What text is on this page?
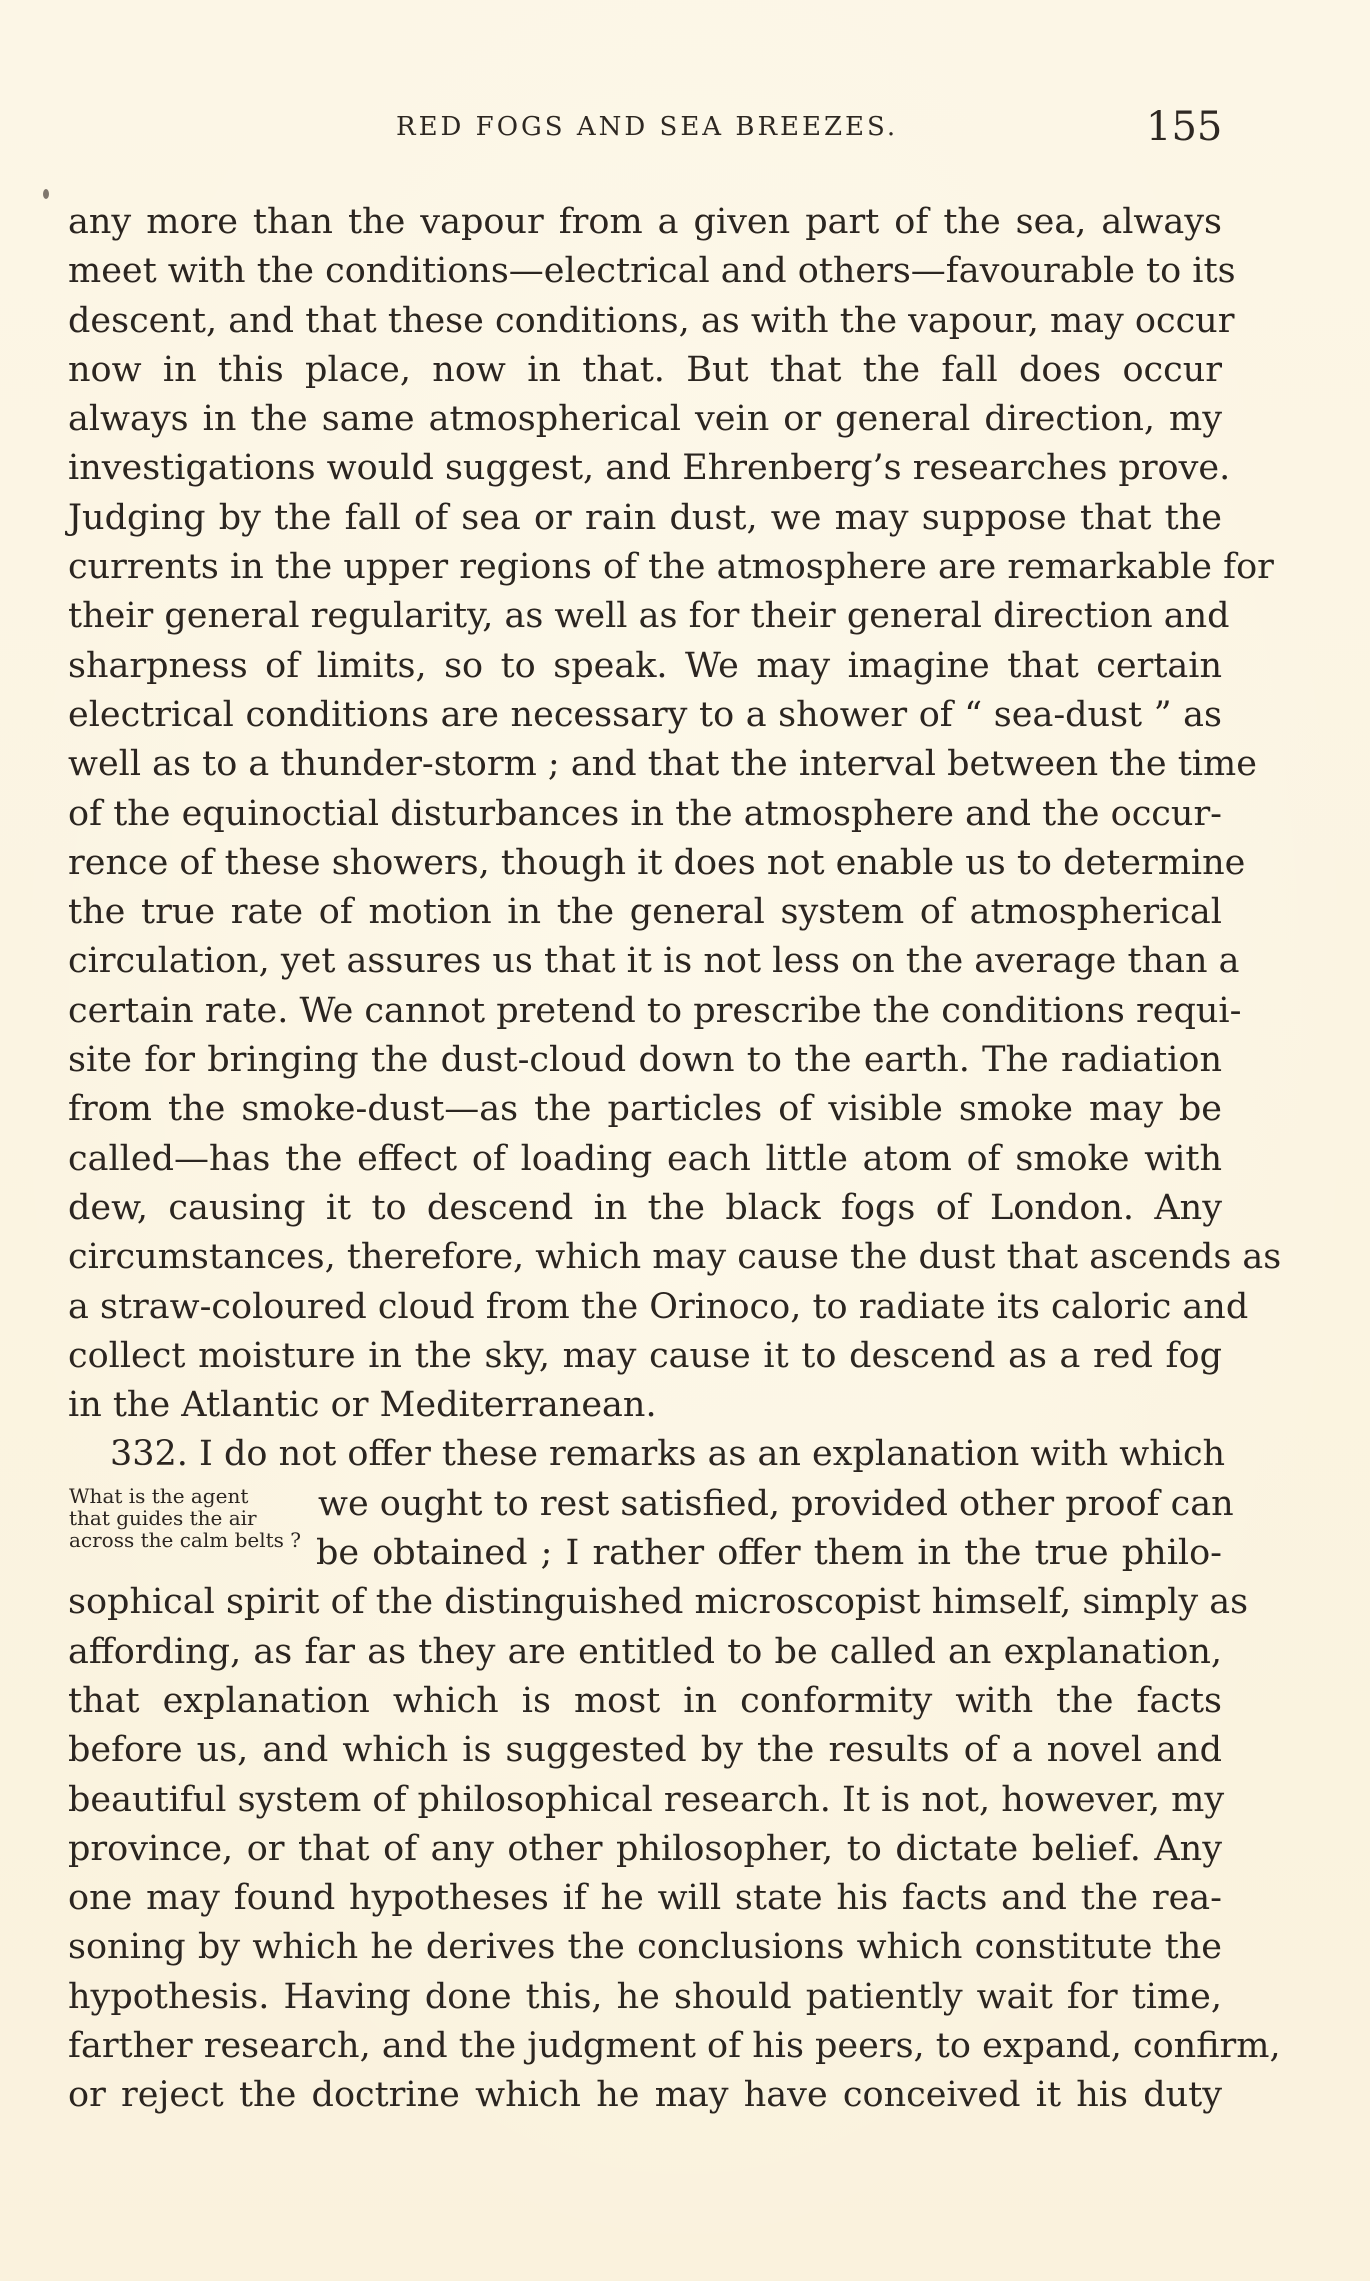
RED FOGS AND SEA BREEZES.	155
What is the agent
that guides the air
across the calm belts ?
any more than the vapour from a given part of the sea, always
meet with the conditions—electrical and others—favourable to its
descent, and that these conditions, as with the vapour, may occur
now in this place, now in that. But that the fall does occur
always in the same atmospherical vein or general direction, my
investigations would suggest, and Ehrenberg’s researches prove.
Judging by the fall of sea or rain dust, we may suppose that the
currents in the upper regions of the atmosphere are remarkable for
their general regularity, as well as for their general direction and
sharpness of limits, so to speak. We may imagine that certain
electrical conditions are necessary to a shower of “ sea-dust ” as
well as to a thunder-storm ; and that the interval between the time
of the equinoctial disturbances in the atmosphere and the occur-
rence of these showers, though it does not enable us to determine
the true rate of motion in the general system of atmospherical
circulation, yet assures us that it is not less on the average than a
certain rate. We cannot pretend to prescribe the conditions requi-
site for bringing the dust-cloud down to the earth. The radiation
from the smoke-dust—as the particles of visible smoke may be
called—has the effect of loading each little atom of smoke with
dew, causing it to descend in the black fogs of London. Any
circumstances, therefore, which may cause the dust that ascends as
a straw-coloured cloud from the Orinoco, to radiate its caloric and
collect moisture in the sky, may cause it to descend as a red fog
in the Atlantic or Mediterranean.
332. I do not offer these remarks as an explanation with which
we ought to rest satisfied, provided other proof can
be obtained ; I rather offer them in the true philo-
sophical spirit of the distinguished microscopist himself, simply as
affording, as far as they are entitled to be called an explanation,
that explanation which is most in conformity with the facts
before us, and which is suggested by the results of a novel and
beautiful system of philosophical research. It is not, however, my
province, or that of any other philosopher, to dictate belief. Any
one may found hypotheses if he will state his facts and the rea-
soning by which he derives the conclusions which constitute the
hypothesis. Having done this, he should patiently wait for time,
farther research, and the judgment of his peers, to expand, confirm,
or reject the doctrine which he may have conceived it his duty
